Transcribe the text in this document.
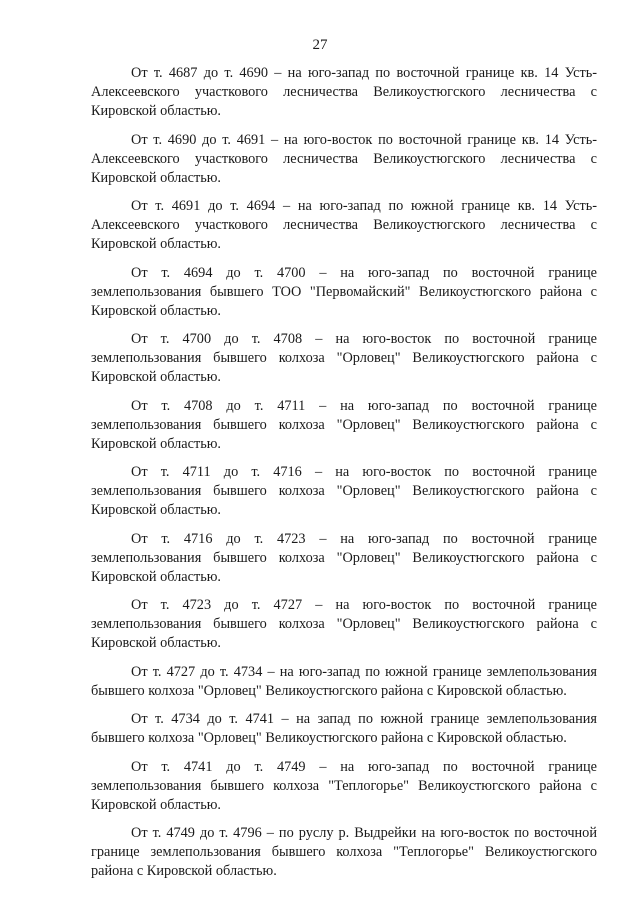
27

От т. 4687 до т. 4690 – на юго-запад по восточной границе кв. 14 Усть-Алексеевского участкового лесничества Великоустюгского лесничества с Кировской областью.

От т. 4690 до т. 4691 – на юго-восток по восточной границе кв. 14 Усть-Алексеевского участкового лесничества Великоустюгского лесничества с Кировской областью.

От т. 4691 до т. 4694 – на юго-запад по южной границе кв. 14 Усть-Алексеевского участкового лесничества Великоустюгского лесничества с Кировской областью.

От т. 4694 до т. 4700 – на юго-запад по восточной границе землепользования бывшего ТОО "Первомайский" Великоустюгского района с Кировской областью.

От т. 4700 до т. 4708 – на юго-восток по восточной границе землепользования бывшего колхоза "Орловец" Великоустюгского района с Кировской областью.

От т. 4708 до т. 4711 – на юго-запад по восточной границе землепользования бывшего колхоза "Орловец" Великоустюгского района с Кировской областью.

От т. 4711 до т. 4716 – на юго-восток по восточной границе землепользования бывшего колхоза "Орловец" Великоустюгского района с Кировской областью.

От т. 4716 до т. 4723 – на юго-запад по восточной границе землепользования бывшего колхоза "Орловец" Великоустюгского района с Кировской областью.

От т. 4723 до т. 4727 – на юго-восток по восточной границе землепользования бывшего колхоза "Орловец" Великоустюгского района с Кировской областью.

От т. 4727 до т. 4734 – на юго-запад по южной границе землепользования бывшего колхоза "Орловец" Великоустюгского района с Кировской областью.

От т. 4734 до т. 4741 – на запад по южной границе землепользования бывшего колхоза "Орловец" Великоустюгского района с Кировской областью.

От т. 4741 до т. 4749 – на юго-запад по восточной границе землепользования бывшего колхоза "Теплогорье" Великоустюгского района с Кировской областью.

От т. 4749 до т. 4796 – по руслу р. Выдрейки на юго-восток по восточной границе землепользования бывшего колхоза "Теплогорье" Великоустюгского района с Кировской областью.
